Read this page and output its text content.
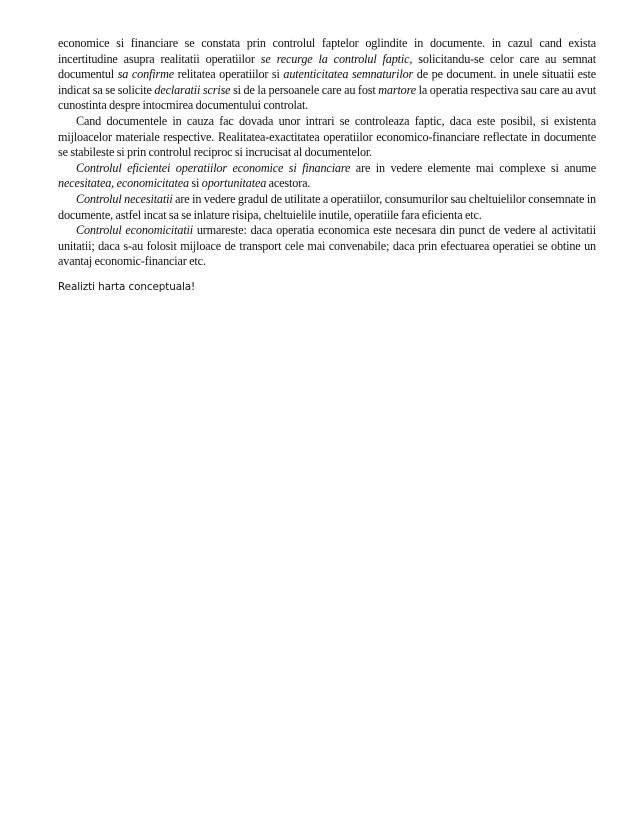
economice si financiare se constata prin controlul faptelor oglindite in documente. in cazul cand exista incertitudine asupra realitatii operatiilor se recurge la controlul faptic, solicitandu-se celor care au semnat documentul sa confirme relitatea operatiilor si autenticitatea semnaturilor de pe document. in unele situatii este indicat sa se solicite declaratii scrise si de la persoanele care au fost martore la operatia respectiva sau care au avut cunostinta despre intocmirea documentului controlat.

Cand documentele in cauza fac dovada unor intrari se controleaza faptic, daca este posibil, si existenta mijloacelor materiale respective. Realitatea-exactitatea operatiilor economico-financiare reflectate in documente se stabileste si prin controlul reciproc si incrucisat al documentelor.

Controlul eficientei operatiilor economice si financiare are in vedere elemente mai complexe si anume necesitatea, economicitatea si oportunitatea acestora.

Controlul necesitatii are in vedere gradul de utilitate a operatiilor, consumurilor sau cheltuielilor consemnate in documente, astfel incat sa se inlature risipa, cheltuielile inutile, operatiile fara eficienta etc.

Controlul economicitatii urmareste: daca operatia economica este necesara din punct de vedere al activitatii unitatii; daca s-au folosit mijloace de transport cele mai convenabile; daca prin efectuarea operatiei se obtine un avantaj economic-financiar etc.

Realizti harta conceptuala!
